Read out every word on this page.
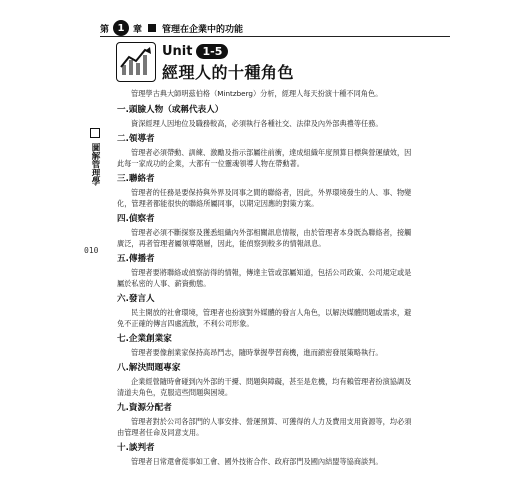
第 1 章 管理在企業中的功能
圖解管理學
010
Unit 1-5
經理人的十種角色

管理學古典大師明茲伯格（Mintzberg）分析，經理人每天扮演十種不同角色。

一.頭臉人物（或稱代表人）

資深經理人因地位及職務較高，必須執行各種社交、法律及內外部典禮等任務。

二.領導者

管理者必須帶動、訓練、激勵及指示部屬往前衝，達成組織年度預算目標與營運績效，因此每一家成功的企業，大都有一位靈魂領導人物在帶動著。

三.聯絡者

管理者的任務是要保持與外界及同事之間的聯絡者，因此，外界環境發生的人、事、物變化，管理者都能很快的聯絡所屬同事，以期定因應的對策方案。

四.偵察者

管理者必須不斷探察及獲悉組織內外部相關訊息情報，由於管理者本身既為聯絡者，接觸廣泛，再者管理者屬領導階層，因此，能偵察到較多的情報訊息。

五.傳播者

管理者要將聯絡或偵察訪得的情報，傳達主管或部屬知道，包括公司政策、公司規定或是屬於私密的人事、薪資動態。

六.發言人

民主開放的社會環境，管理者也扮演對外媒體的發言人角色，以解決媒體問題或需求，避免不正確的傳言四處流散，不利公司形象。

七.企業創業家

管理者要像創業家保持高昂鬥志，隨時掌握學習商機，進而鎖密發展策略執行。

八.解決問題專家

企業經營隨時會碰到內外部的干擾、問題與障礙，甚至是危機，均有賴管理者扮演協調及清道夫角色，克服這些問題與困境。

九.資源分配者

管理者對於公司各部門的人事安排、營運預算、可獲得的人力及費用支用資源等，均必須由管理者任命及同意支用。

十.談判者

管理者日常還會從事如工會、國外技術合作、政府部門及國內結盟等協商談判。
